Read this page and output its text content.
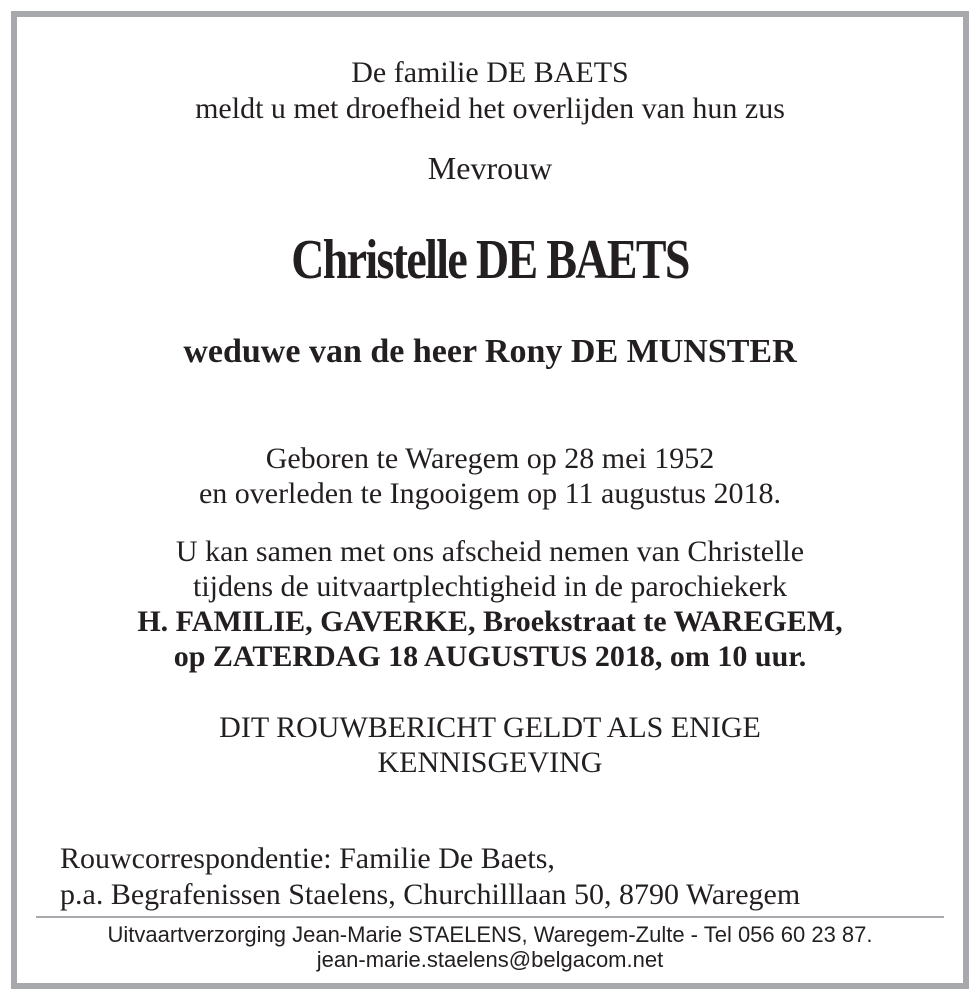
De familie DE BAETS
meldt u met droefheid het overlijden van hun zus
Mevrouw
Christelle DE BAETS
weduwe van de heer Rony DE MUNSTER
Geboren te Waregem op 28 mei 1952
en overleden te Ingooigem op 11 augustus 2018.
U kan samen met ons afscheid nemen van Christelle
tijdens de uitvaartplechtigheid in de parochiekerk
H. FAMILIE, GAVERKE, Broekstraat te WAREGEM,
op ZATERDAG 18 AUGUSTUS 2018, om 10 uur.
DIT ROUWBERICHT GELDT ALS ENIGE
KENNISGEVING
Rouwcorrespondentie: Familie De Baets,
p.a. Begrafenissen Staelens, Churchilllaan 50, 8790 Waregem
Uitvaartverzorging Jean-Marie STAELENS, Waregem-Zulte - Tel 056 60 23 87.
jean-marie.staelens@belgacom.net
